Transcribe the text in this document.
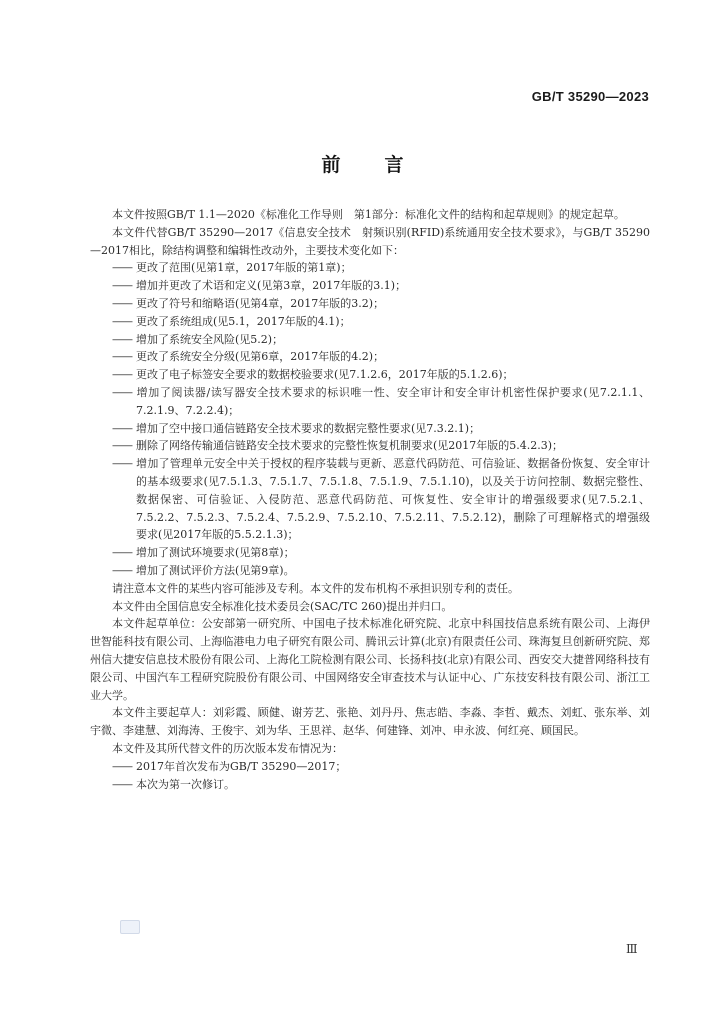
GB/T 35290—2023
前言

本文件按照GB/T 1.1—2020《标准化工作导则　第1部分：标准化文件的结构和起草规则》的规定起草。

本文件代替GB/T 35290—2017《信息安全技术　射频识别(RFID)系统通用安全技术要求》，与GB/T 35290—2017相比，除结构调整和编辑性改动外，主要技术变化如下：

—— 更改了范围(见第1章，2017年版的第1章)；
—— 增加并更改了术语和定义(见第3章，2017年版的3.1)；
—— 更改了符号和缩略语(见第4章，2017年版的3.2)；
—— 更改了系统组成(见5.1，2017年版的4.1)；
—— 增加了系统安全风险(见5.2)；
—— 更改了系统安全分级(见第6章，2017年版的4.2)；
—— 更改了电子标签安全要求的数据校验要求(见7.1.2.6，2017年版的5.1.2.6)；
—— 增加了阅读器/读写器安全技术要求的标识唯一性、安全审计和安全审计机密性保护要求(见7.2.1.1、7.2.1.9、7.2.2.4)；
—— 增加了空中接口通信链路安全技术要求的数据完整性要求(见7.3.2.1)；
—— 删除了网络传输通信链路安全技术要求的完整性恢复机制要求(见2017年版的5.4.2.3)；
—— 增加了管理单元安全中关于授权的程序装载与更新、恶意代码防范、可信验证、数据备份恢复、安全审计的基本级要求(见7.5.1.3、7.5.1.7、7.5.1.8、7.5.1.9、7.5.1.10)，以及关于访问控制、数据完整性、数据保密、可信验证、入侵防范、恶意代码防范、可恢复性、安全审计的增强级要求(见7.5.2.1、7.5.2.2、7.5.2.3、7.5.2.4、7.5.2.9、7.5.2.10、7.5.2.11、7.5.2.12)，删除了可理解格式的增强级要求(见2017年版的5.5.2.1.3)；
—— 增加了测试环境要求(见第8章)；
—— 增加了测试评价方法(见第9章)。

请注意本文件的某些内容可能涉及专利。本文件的发布机构不承担识别专利的责任。

本文件由全国信息安全标准化技术委员会(SAC/TC 260)提出并归口。

本文件起草单位：公安部第一研究所、中国电子技术标准化研究院、北京中科国技信息系统有限公司、上海伊世智能科技有限公司、上海临港电力电子研究有限公司、腾讯云计算(北京)有限责任公司、珠海复旦创新研究院、郑州信大捷安信息技术股份有限公司、上海化工院检测有限公司、长扬科技(北京)有限公司、西安交大捷普网络科技有限公司、中国汽车工程研究院股份有限公司、中国网络安全审查技术与认证中心、广东技安科技有限公司、浙江工业大学。

本文件主要起草人：刘彩霞、顾健、谢芳艺、张艳、刘丹丹、焦志皓、李淼、李哲、戴杰、刘虹、张东举、刘宇微、李建慧、刘海涛、王俊宇、刘为华、王思祥、赵华、何建锋、刘冲、申永波、何红亮、顾国民。

本文件及其所代替文件的历次版本发布情况为：

—— 2017年首次发布为GB/T 35290—2017；
—— 本次为第一次修订。
Ⅲ
